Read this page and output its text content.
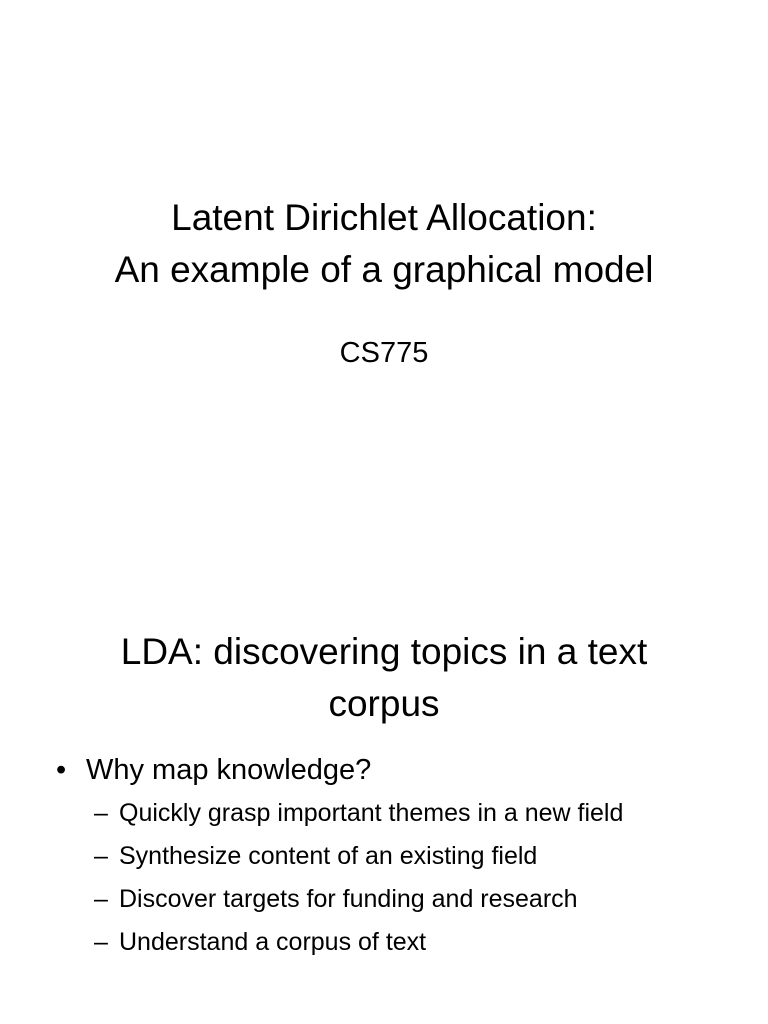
Latent Dirichlet Allocation:
An example of a graphical model
CS775
LDA: discovering topics in a text
corpus
• Why map knowledge?
– Quickly grasp important themes in a new field
– Synthesize content of an existing field
– Discover targets for funding and research
– Understand a corpus of text
